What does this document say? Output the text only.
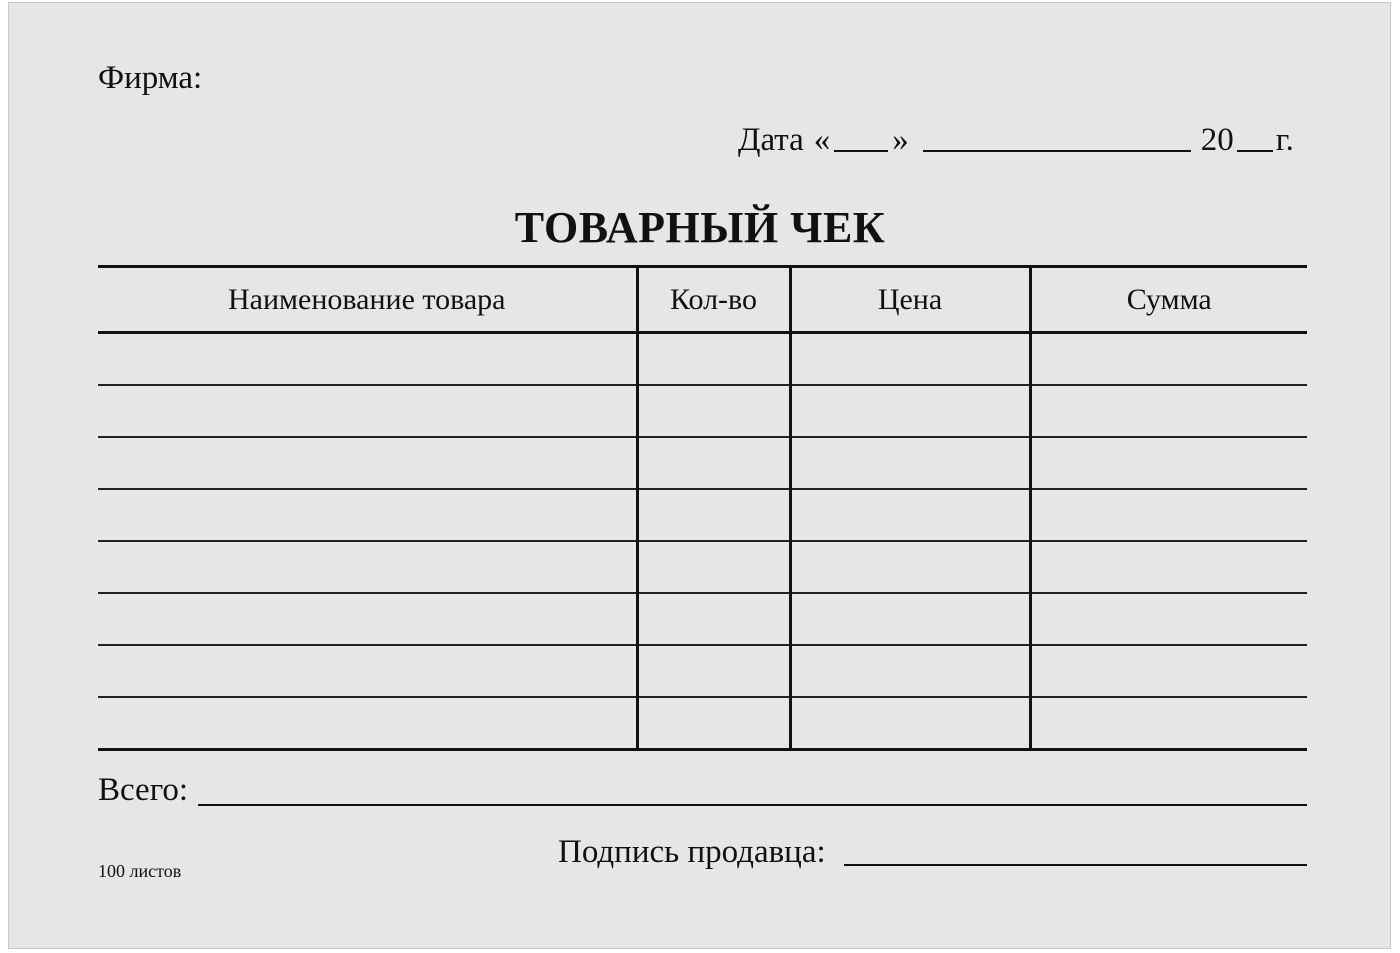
Фирма:
Дата « »	20 г.
ТОВАРНЫЙ ЧЕК
Наименование товара	Кол-во	Цена	Сумма

Всего:
Подпись продавца:
100 листов
